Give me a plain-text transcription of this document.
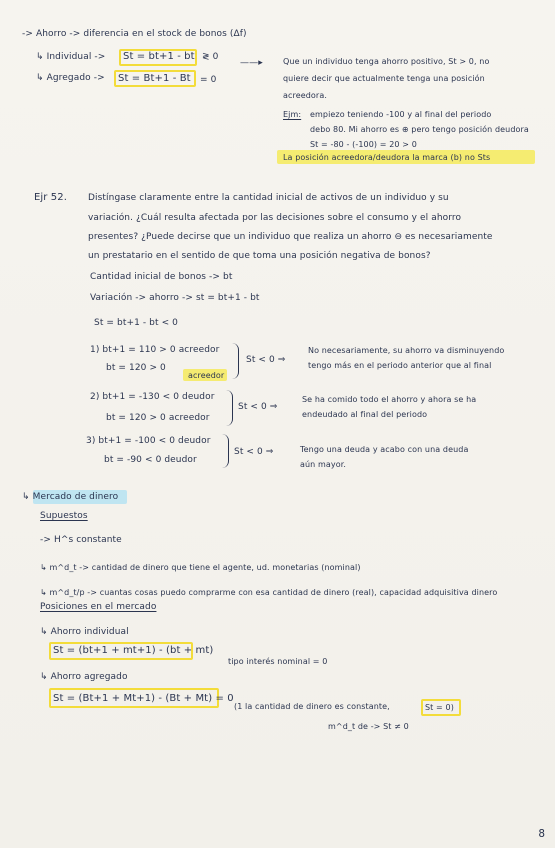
-> Ahorro -> diferencia en el stock de bonos (Δf)
↳ Individual -> St = bt+1 - bt ≷ 0
↳ Agregado -> St = Bt+1 - Bt = 0
——▸	Que un individuo tenga ahorro positivo, St > 0, no
quiere decir que actualmente tenga una posición
acreedora.
Ejm: empiezo teniendo -100 y al final del periodo
debo 80. Mi ahorro es ⊕ pero tengo posición deudora
St = -80 - (-100) = 20 > 0
La posición acreedora/deudora la marca (b) no Sts
Ejr 52. Distíngase claramente entre la cantidad inicial de activos de un individuo y su
variación. ¿Cuál resulta afectada por las decisiones sobre el consumo y el ahorro
presentes? ¿Puede decirse que un individuo que realiza un ahorro ⊖ es necesariamente
un prestatario en el sentido de que toma una posición negativa de bonos?
Cantidad inicial de bonos -> bt
Variación -> ahorro -> st = bt+1 - bt
St = bt+1 - bt < 0
1) bt+1 = 110 > 0 acreedor
bt = 120 > 0
acreedor
St < 0 ⇒
No necesariamente, su ahorro va disminuyendo
tengo más en el periodo anterior que al final
2) bt+1 = -130 < 0 deudor
bt = 120 > 0 acreedor
St < 0 ⇒
Se ha comido todo el ahorro y ahora se ha
endeudado al final del periodo
3) bt+1 = -100 < 0 deudor
bt = -90 < 0 deudor
St < 0 ⇒	Tengo una deuda y acabo con una deuda
aún mayor.
↳ Mercado de dinero
Supuestos
-> H^s constante
↳ m^d_t -> cantidad de dinero que tiene el agente, ud. monetarias (nominal)
↳ m^d_t/p -> cuantas cosas puedo comprarme con esa cantidad de dinero (real), capacidad adquisitiva dinero
Posiciones en el mercado
↳ Ahorro individual
St = (bt+1 + mt+1) - (bt + mt)
tipo interés nominal = 0
↳ Ahorro agregado
St = (Bt+1 + Mt+1) - (Bt + Mt) = 0
(1 la cantidad de dinero es constante,	St = 0)
m^d_t de -> St ≠ 0
8
